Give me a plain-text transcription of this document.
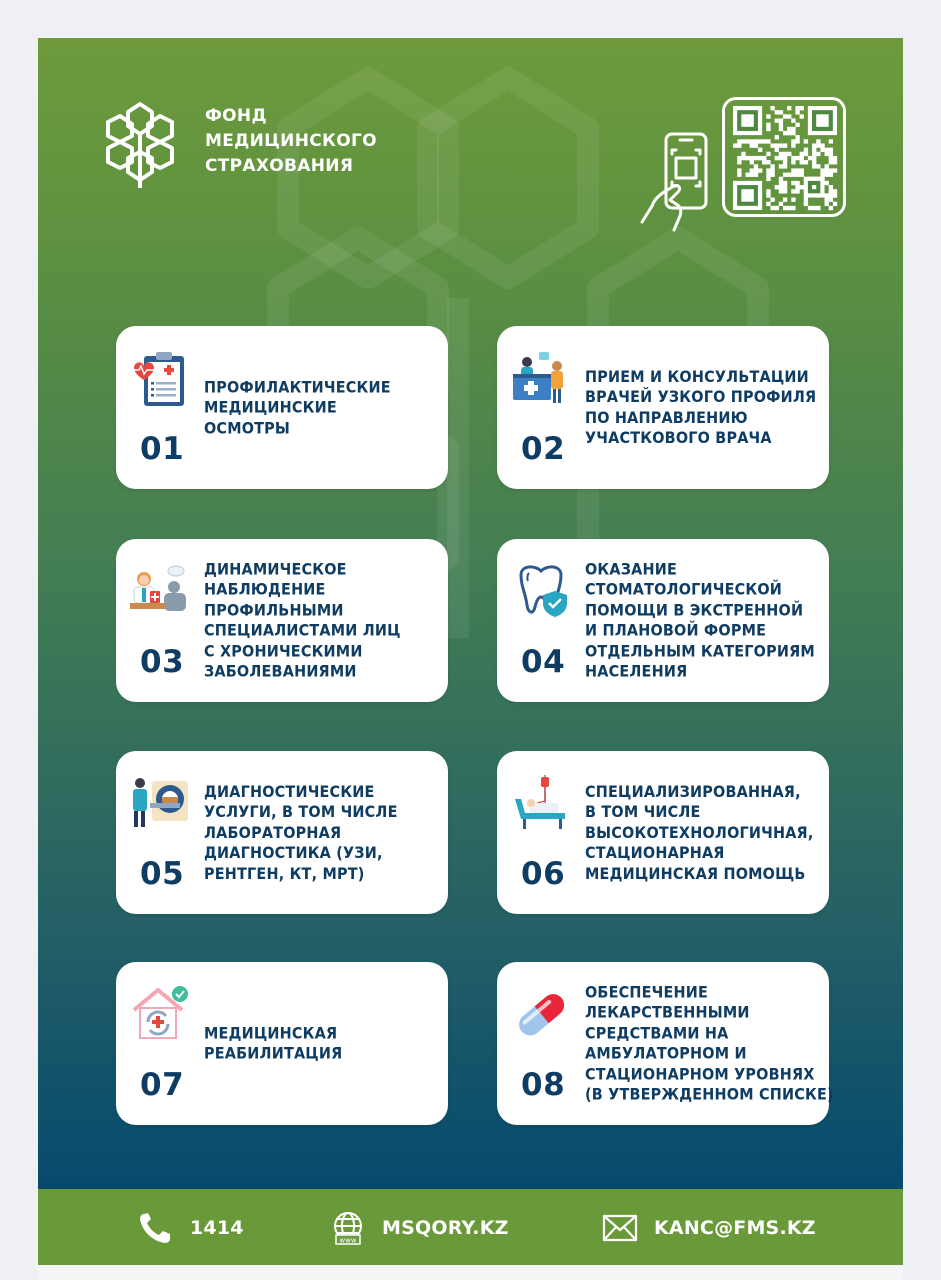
ФОНД
МЕДИЦИНСКОГО
СТРАХОВАНИЯ
01
ПРОФИЛАКТИЧЕСКИЕ
МЕДИЦИНСКИЕ
ОСМОТРЫ
02
ПРИЕМ И КОНСУЛЬТАЦИИ
ВРАЧЕЙ УЗКОГО ПРОФИЛЯ
ПО НАПРАВЛЕНИЮ
УЧАСТКОВОГО ВРАЧА
03
ДИНАМИЧЕСКОЕ
НАБЛЮДЕНИЕ
ПРОФИЛЬНЫМИ
СПЕЦИАЛИСТАМИ ЛИЦ
С ХРОНИЧЕСКИМИ
ЗАБОЛЕВАНИЯМИ	04
ОКАЗАНИЕ
СТОМАТОЛОГИЧЕСКОЙ
ПОМОЩИ В ЭКСТРЕННОЙ
И ПЛАНОВОЙ ФОРМЕ
ОТДЕЛЬНЫМ КАТЕГОРИЯМ
НАСЕЛЕНИЯ
05
ДИАГНОСТИЧЕСКИЕ
УСЛУГИ, В ТОМ ЧИСЛЕ
ЛАБОРАТОРНАЯ
ДИАГНОСТИКА (УЗИ,
РЕНТГЕН, КТ, МРТ)	06
СПЕЦИАЛИЗИРОВАННАЯ,
В ТОМ ЧИСЛЕ
ВЫСОКОТЕХНОЛОГИЧНАЯ,
СТАЦИОНАРНАЯ
МЕДИЦИНСКАЯ ПОМОЩЬ
07
МЕДИЦИНСКАЯ
РЕАБИЛИТАЦИЯ
08
ОБЕСПЕЧЕНИЕ
ЛЕКАРСТВЕННЫМИ
СРЕДСТВАМИ НА
АМБУЛАТОРНОМ И
СТАЦИОНАРНОМ УРОВНЯХ
(В УТВЕРЖДЕННОМ СПИСКЕ)
1414
www
MSQORY.KZ	KANC@FMS.KZ
